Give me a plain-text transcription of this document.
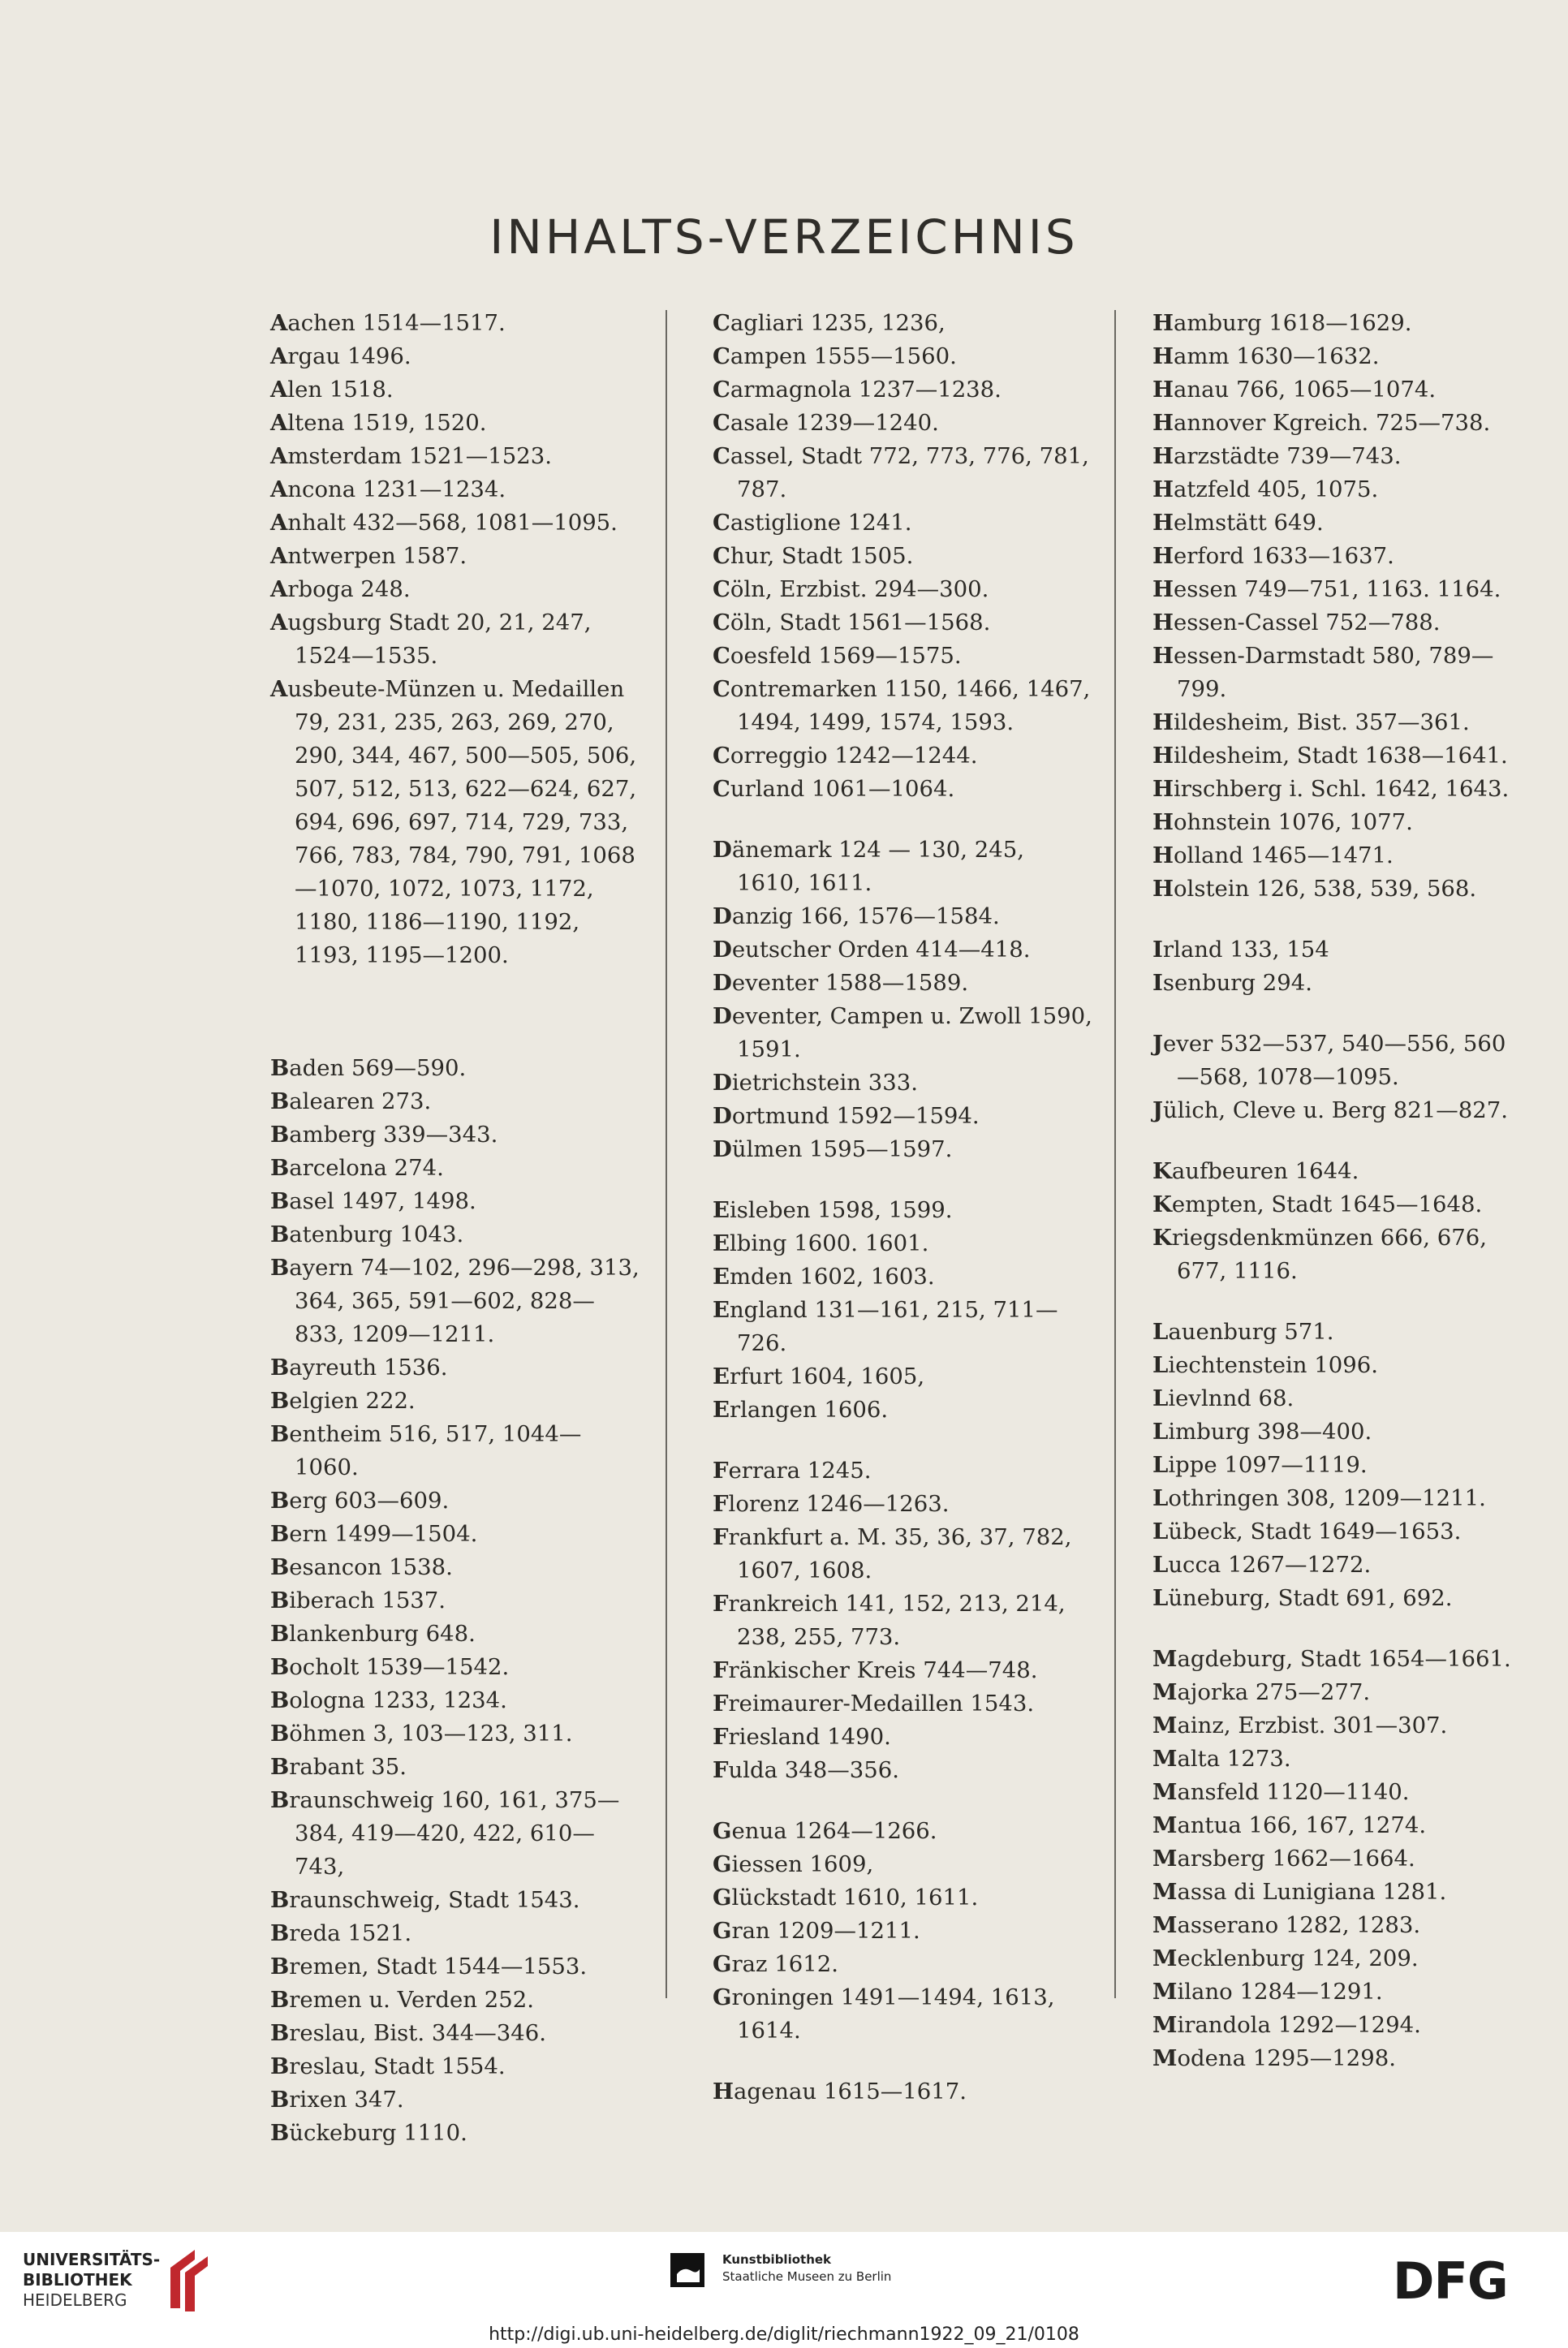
INHALTS-VERZEICHNIS

Aachen 1514—1517.

Argau 1496.

Alen 1518.

Altena 1519, 1520.

Amsterdam 1521—1523.

Ancona 1231—1234.

Anhalt 432—568, 1081—1095.

Antwerpen 1587.

Arboga 248.

Augsburg Stadt 20, 21, 247, 1524—1535.

Ausbeute-Münzen u. Medaillen 79, 231, 235, 263, 269, 270, 290, 344, 467, 500—505, 506, 507, 512, 513, 622—624, 627, 694, 696, 697, 714, 729, 733, 766, 783, 784, 790, 791, 1068—1070, 1072, 1073, 1172, 1180, 1186—1190, 1192, 1193, 1195—1200.

Baden 569—590.

Balearen 273.

Bamberg 339—343.

Barcelona 274.

Basel 1497, 1498.

Batenburg 1043.

Bayern 74—102, 296—298, 313, 364, 365, 591—602, 828—833, 1209—1211.

Bayreuth 1536.

Belgien 222.

Bentheim 516, 517, 1044—1060.

Berg 603—609.

Bern 1499—1504.

Besancon 1538.

Biberach 1537.

Blankenburg 648.

Bocholt 1539—1542.

Bologna 1233, 1234.

Böhmen 3, 103—123, 311.

Brabant 35.

Braunschweig 160, 161, 375—384, 419—420, 422, 610—743,

Braunschweig, Stadt 1543.

Breda 1521.

Bremen, Stadt 1544—1553.

Bremen u. Verden 252.

Breslau, Bist. 344—346.

Breslau, Stadt 1554.

Brixen 347.

Bückeburg 1110.

Cagliari 1235, 1236,

Campen 1555—1560.

Carmagnola 1237—1238.

Casale 1239—1240.

Cassel, Stadt 772, 773, 776, 781, 787.

Castiglione 1241.

Chur, Stadt 1505.

Cöln, Erzbist. 294—300.

Cöln, Stadt 1561—1568.

Coesfeld 1569—1575.

Contremarken 1150, 1466, 1467, 1494, 1499, 1574, 1593.

Correggio 1242—1244.

Curland 1061—1064.

Dänemark 124 — 130, 245, 1610, 1611.

Danzig 166, 1576—1584.

Deutscher Orden 414—418.

Deventer 1588—1589.

Deventer, Campen u. Zwoll 1590, 1591.

Dietrichstein 333.

Dortmund 1592—1594.

Dülmen 1595—1597.

Eisleben 1598, 1599.

Elbing 1600. 1601.

Emden 1602, 1603.

England 131—161, 215, 711—726.

Erfurt 1604, 1605,

Erlangen 1606.

Ferrara 1245.

Florenz 1246—1263.

Frankfurt a. M. 35, 36, 37, 782, 1607, 1608.

Frankreich 141, 152, 213, 214, 238, 255, 773.

Fränkischer Kreis 744—748.

Freimaurer-Medaillen 1543.

Friesland 1490.

Fulda 348—356.

Genua 1264—1266.

Giessen 1609,

Glückstadt 1610, 1611.

Gran 1209—1211.

Graz 1612.

Groningen 1491—1494, 1613, 1614.

Hagenau 1615—1617.

Hamburg 1618—1629.

Hamm 1630—1632.

Hanau 766, 1065—1074.

Hannover Kgreich. 725—738.

Harzstädte 739—743.

Hatzfeld 405, 1075.

Helmstätt 649.

Herford 1633—1637.

Hessen 749—751, 1163. 1164.

Hessen-Cassel 752—788.

Hessen-Darmstadt 580, 789—799.

Hildesheim, Bist. 357—361.

Hildesheim, Stadt 1638—1641.

Hirschberg i. Schl. 1642, 1643.

Hohnstein 1076, 1077.

Holland 1465—1471.

Holstein 126, 538, 539, 568.

Irland 133, 154

Isenburg 294.

Jever 532—537, 540—556, 560—568, 1078—1095.

Jülich, Cleve u. Berg 821—827.

Kaufbeuren 1644.

Kempten, Stadt 1645—1648.

Kriegsdenkmünzen 666, 676, 677, 1116.

Lauenburg 571.

Liechtenstein 1096.

Lievlnnd 68.

Limburg 398—400.

Lippe 1097—1119.

Lothringen 308, 1209—1211.

Lübeck, Stadt 1649—1653.

Lucca 1267—1272.

Lüneburg, Stadt 691, 692.

Magdeburg, Stadt 1654—1661.

Majorka 275—277.

Mainz, Erzbist. 301—307.

Malta 1273.

Mansfeld 1120—1140.

Mantua 166, 167, 1274.

Marsberg 1662—1664.

Massa di Lunigiana 1281.

Masserano 1282, 1283.

Mecklenburg 124, 209.

Milano 1284—1291.

Mirandola 1292—1294.

Modena 1295—1298.

UNIVERSITÄTS-
BIBLIOTHEK
HEIDELBERG
Kunstbibliothek
Staatliche Museen zu Berlin	DFG
http://digi.ub.uni-heidelberg.de/diglit/riechmann1922_09_21/0108
